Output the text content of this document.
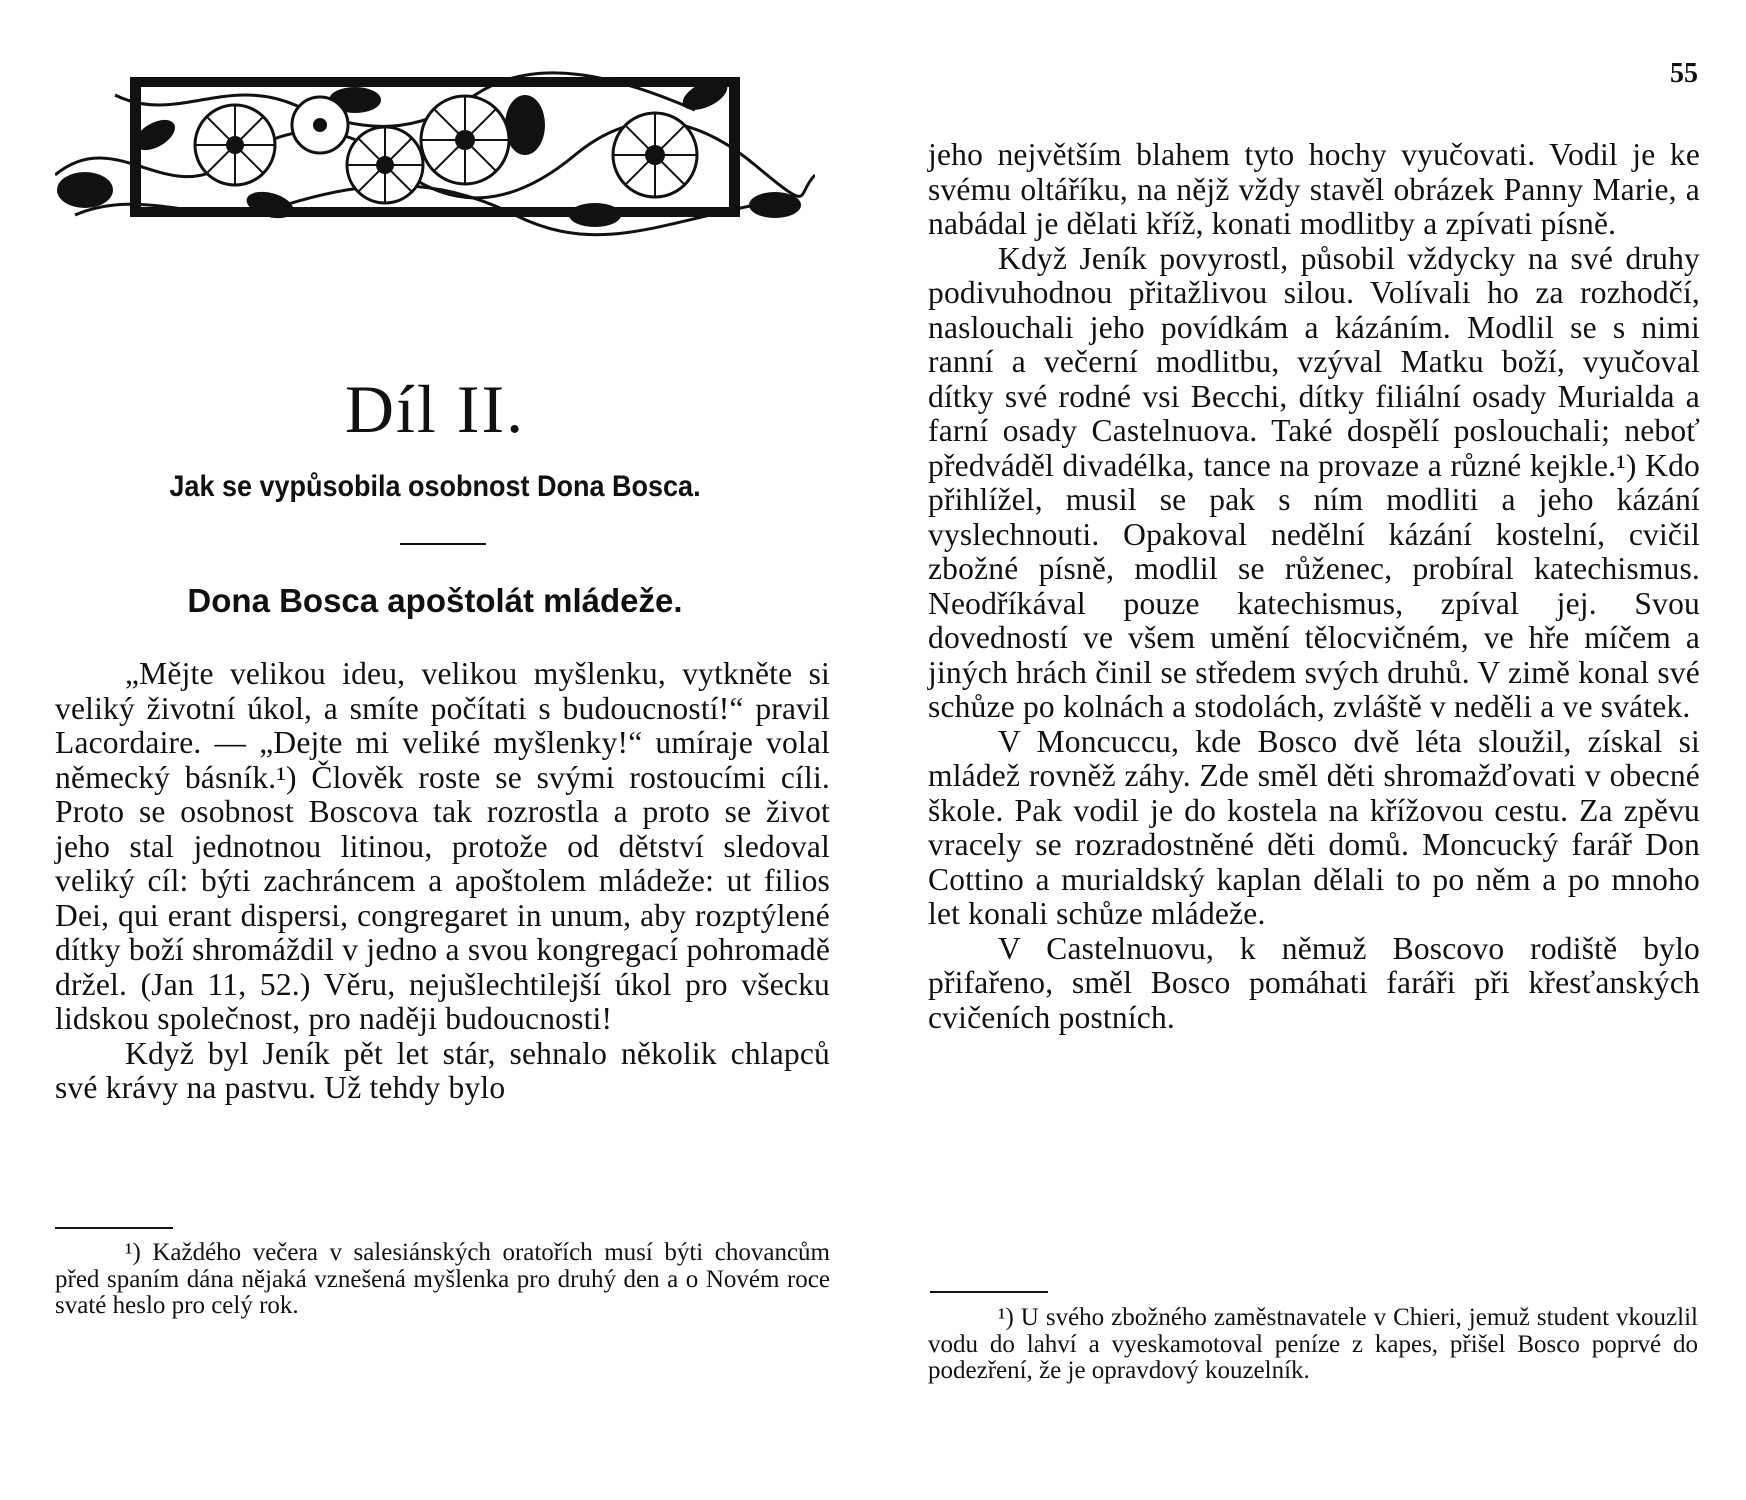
Díl II.
Jak se vypůsobila osobnost Dona Bosca.
Dona Bosca apoštolát mládeže.

„Mějte velikou ideu, velikou myšlenku, vytkněte si veliký životní úkol, a smíte počítati s budoucností!“ pravil Lacordaire. — „Dejte mi veliké myšlenky!“ umíraje volal německý básník.¹) Člověk roste se svými rostoucími cíli. Proto se osobnost Boscova tak rozrostla a proto se život jeho stal jednotnou litinou, protože od dětství sledoval veliký cíl: býti zachráncem a apoštolem mládeže: ut filios Dei, qui erant dispersi, congregaret in unum, aby rozptýlené dítky boží shromáždil v jedno a svou kongregací pohromadě držel. (Jan 11, 52.) Věru, nejušlechtilejší úkol pro všecku lidskou společnost, pro naději budoucnosti!

Když byl Jeník pět let stár, sehnalo několik chlapců své krávy na pastvu. Už tehdy bylo

¹) Každého večera v salesiánských oratořích musí býti chovancům před spaním dána nějaká vznešená myšlenka pro druhý den a o Novém roce svaté heslo pro celý rok.

55

jeho největším blahem tyto hochy vyučovati. Vodil je ke svému oltáříku, na nějž vždy stavěl obrázek Panny Marie, a nabádal je dělati kříž, konati modlitby a zpívati písně.

Když Jeník povyrostl, působil vždycky na své druhy podivuhodnou přitažlivou silou. Volívali ho za rozhodčí, naslouchali jeho povídkám a kázáním. Modlil se s nimi ranní a večerní modlitbu, vzýval Matku boží, vyučoval dítky své rodné vsi Becchi, dítky filiální osady Murialda a farní osady Castelnuova. Také dospělí poslouchali; neboť předváděl divadélka, tance na provaze a různé kejkle.¹) Kdo přihlížel, musil se pak s ním modliti a jeho kázání vyslechnouti. Opakoval nedělní kázání kostelní, cvičil zbožné písně, modlil se růženec, probíral katechismus. Neodříkával pouze katechismus, zpíval jej. Svou dovedností ve všem umění tělocvičném, ve hře míčem a jiných hrách činil se středem svých druhů. V zimě konal své schůze po kolnách a stodolách, zvláště v neděli a ve svátek.

V Moncuccu, kde Bosco dvě léta sloužil, získal si mládež rovněž záhy. Zde směl děti shromažďovati v obecné škole. Pak vodil je do kostela na křížovou cestu. Za zpěvu vracely se rozradostněné děti domů. Moncucký farář Don Cottino a murialdský kaplan dělali to po něm a po mnoho let konali schůze mládeže.

V Castelnuovu, k němuž Boscovo rodiště bylo přifařeno, směl Bosco pomáhati faráři při křesťanských cvičeních postních.

¹) U svého zbožného zaměstnavatele v Chieri, jemuž student vkouzlil vodu do lahví a vyeskamotoval peníze z kapes, přišel Bosco poprvé do podezření, že je opravdový kouzelník.
